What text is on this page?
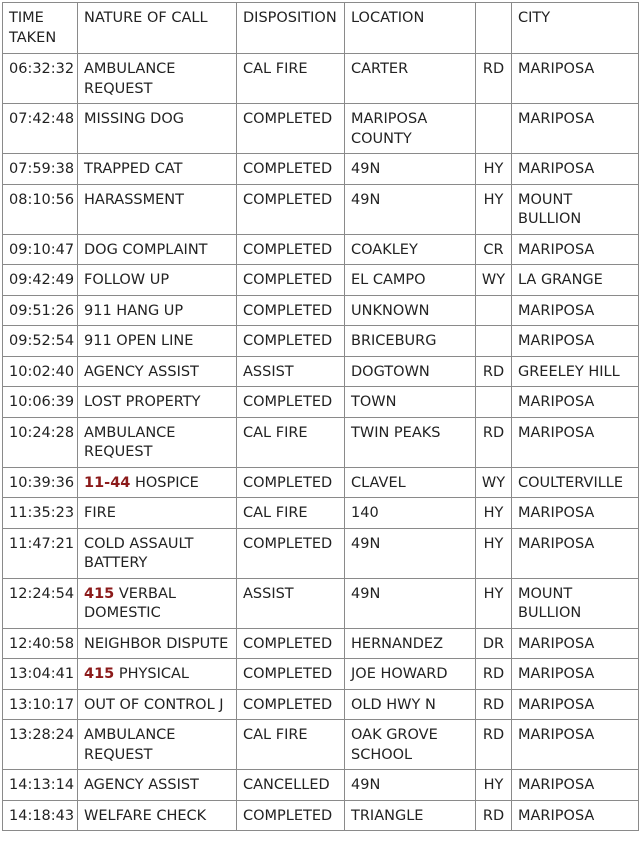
TIME TAKEN	NATURE OF CALL	DISPOSITION	LOCATION		CITY
06:32:32	AMBULANCE REQUEST	CAL FIRE	CARTER	RD	MARIPOSA
07:42:48	MISSING DOG	COMPLETED	MARIPOSA COUNTY		MARIPOSA
07:59:38	TRAPPED CAT	COMPLETED	49N	HY	MARIPOSA
08:10:56	HARASSMENT	COMPLETED	49N	HY	MOUNT BULLION
09:10:47	DOG COMPLAINT	COMPLETED	COAKLEY	CR	MARIPOSA
09:42:49	FOLLOW UP	COMPLETED	EL CAMPO	WY	LA GRANGE
09:51:26	911 HANG UP	COMPLETED	UNKNOWN		MARIPOSA
09:52:54	911 OPEN LINE	COMPLETED	BRICEBURG		MARIPOSA
10:02:40	AGENCY ASSIST	ASSIST	DOGTOWN	RD	GREELEY HILL
10:06:39	LOST PROPERTY	COMPLETED	TOWN		MARIPOSA
10:24:28	AMBULANCE REQUEST	CAL FIRE	TWIN PEAKS	RD	MARIPOSA
10:39:36	11-44 HOSPICE	COMPLETED	CLAVEL	WY	COULTERVILLE
11:35:23	FIRE	CAL FIRE	140	HY	MARIPOSA
11:47:21	COLD ASSAULT BATTERY	COMPLETED	49N	HY	MARIPOSA
12:24:54	415 VERBAL DOMESTIC	ASSIST	49N	HY	MOUNT BULLION
12:40:58	NEIGHBOR DISPUTE	COMPLETED	HERNANDEZ	DR	MARIPOSA
13:04:41	415 PHYSICAL	COMPLETED	JOE HOWARD	RD	MARIPOSA
13:10:17	OUT OF CONTROL J	COMPLETED	OLD HWY N	RD	MARIPOSA
13:28:24	AMBULANCE REQUEST	CAL FIRE	OAK GROVE SCHOOL	RD	MARIPOSA
14:13:14	AGENCY ASSIST	CANCELLED	49N	HY	MARIPOSA
14:18:43	WELFARE CHECK	COMPLETED	TRIANGLE	RD	MARIPOSA
